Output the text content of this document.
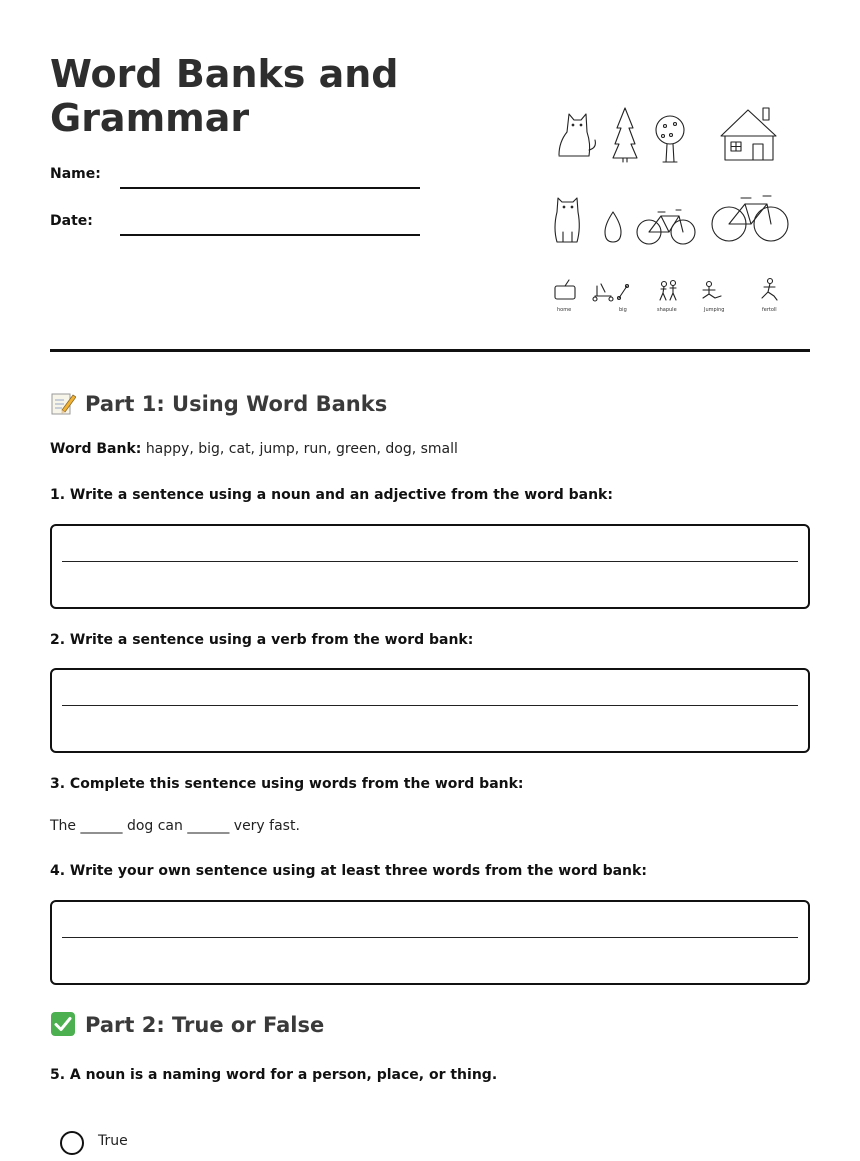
Word Banks and Grammar
Name:
Date:
home	big	shapule	Jumping	fertoll
Part 1: Using Word Banks
Word Bank: happy, big, cat, jump, run, green, dog, small
1. Write a sentence using a noun and an adjective from the word bank:
2. Write a sentence using a verb from the word bank:
3. Complete this sentence using words from the word bank:
The ______ dog can ______ very fast.
4. Write your own sentence using at least three words from the word bank:
Part 2: True or False
5. A noun is a naming word for a person, place, or thing.
True
